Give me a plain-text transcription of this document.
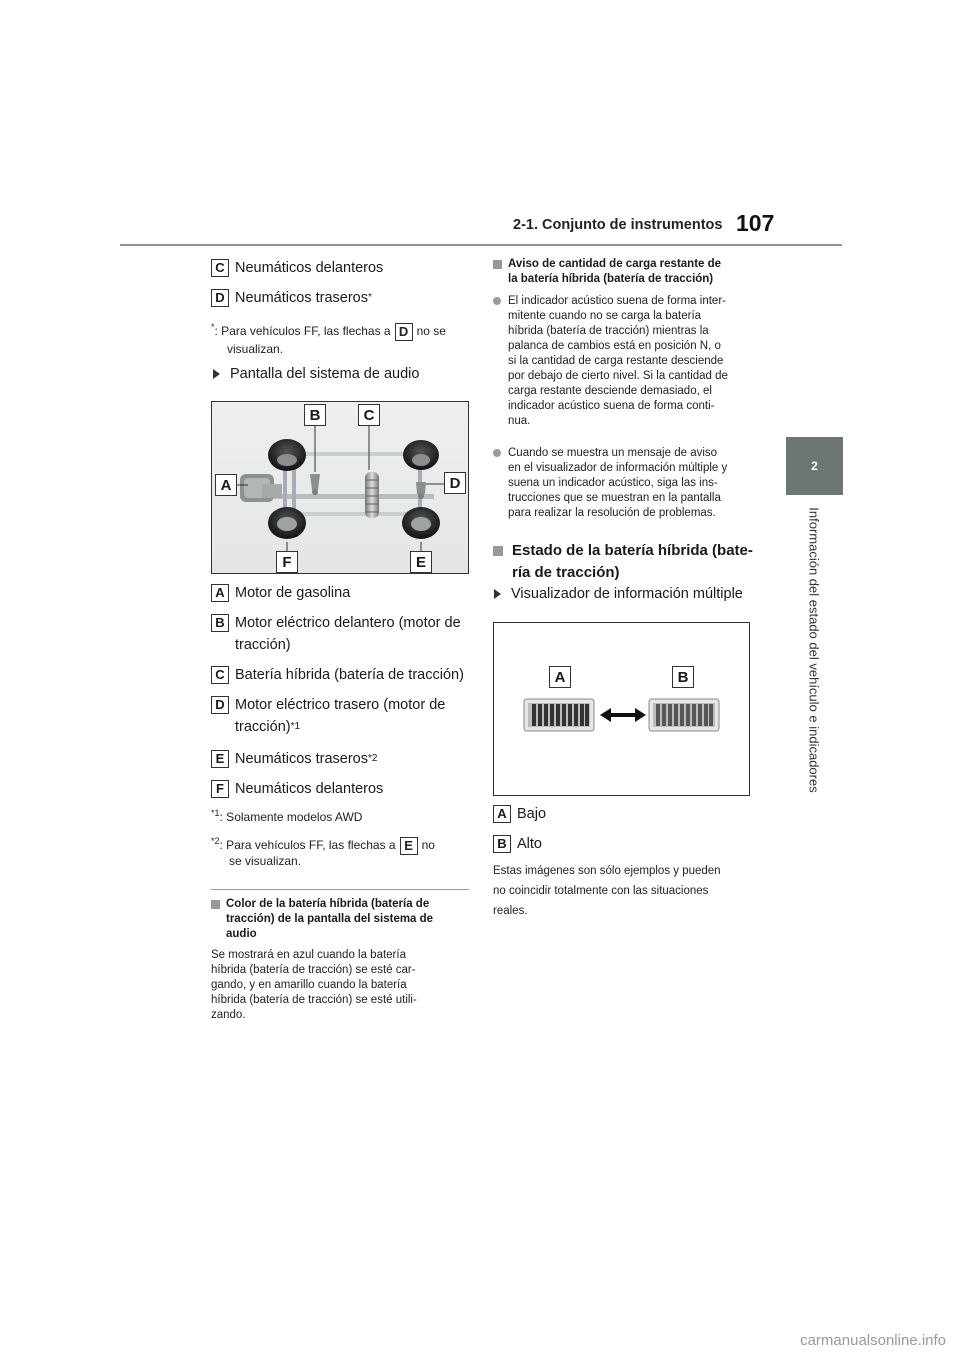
2-1. Conjunto de instrumentos 107
2
Información del estado del vehículo e indicadores
C Neumáticos delanteros
D Neumáticos traseros *
*: Para vehículos FF, las flechas a D no se
visualizan.
Pantalla del sistema de audio
A
B	C
D
E
F
A Motor de gasolina
B Motor eléctrico delantero (motor de
tracción)
C Batería híbrida (batería de tracción)
D Motor eléctrico trasero (motor de
tracción) *1
E Neumáticos traseros *2
F Neumáticos delanteros
$^{*1}$: Solamente modelos AWD
$^{*2}$: Para vehículos FF, las flechas a E no
se visualizan.
Color de la batería híbrida (batería de
tracción) de la pantalla del sistema de
audio
Se mostrará en azul cuando la batería
híbrida (batería de tracción) se esté car-
gando, y en amarillo cuando la batería
híbrida (batería de tracción) se esté utili-
zando.
Aviso de cantidad de carga restante de
la batería híbrida (batería de tracción)
El indicador acústico suena de forma inter-
mitente cuando no se carga la batería
híbrida (batería de tracción) mientras la
palanca de cambios está en posición N, o
si la cantidad de carga restante desciende
por debajo de cierto nivel. Si la cantidad de
carga restante desciende demasiado, el
indicador acústico suena de forma conti-
nua.
Cuando se muestra un mensaje de aviso
en el visualizador de información múltiple y
suena un indicador acústico, siga las ins-
trucciones que se muestran en la pantalla
para realizar la resolución de problemas.
Estado de la batería híbrida (bate-
ría de tracción)
Visualizador de información múltiple
A	B
A Bajo
B Alto
Estas imágenes son sólo ejemplos y pueden
no coincidir totalmente con las situaciones
reales.
carmanualsonline.info
